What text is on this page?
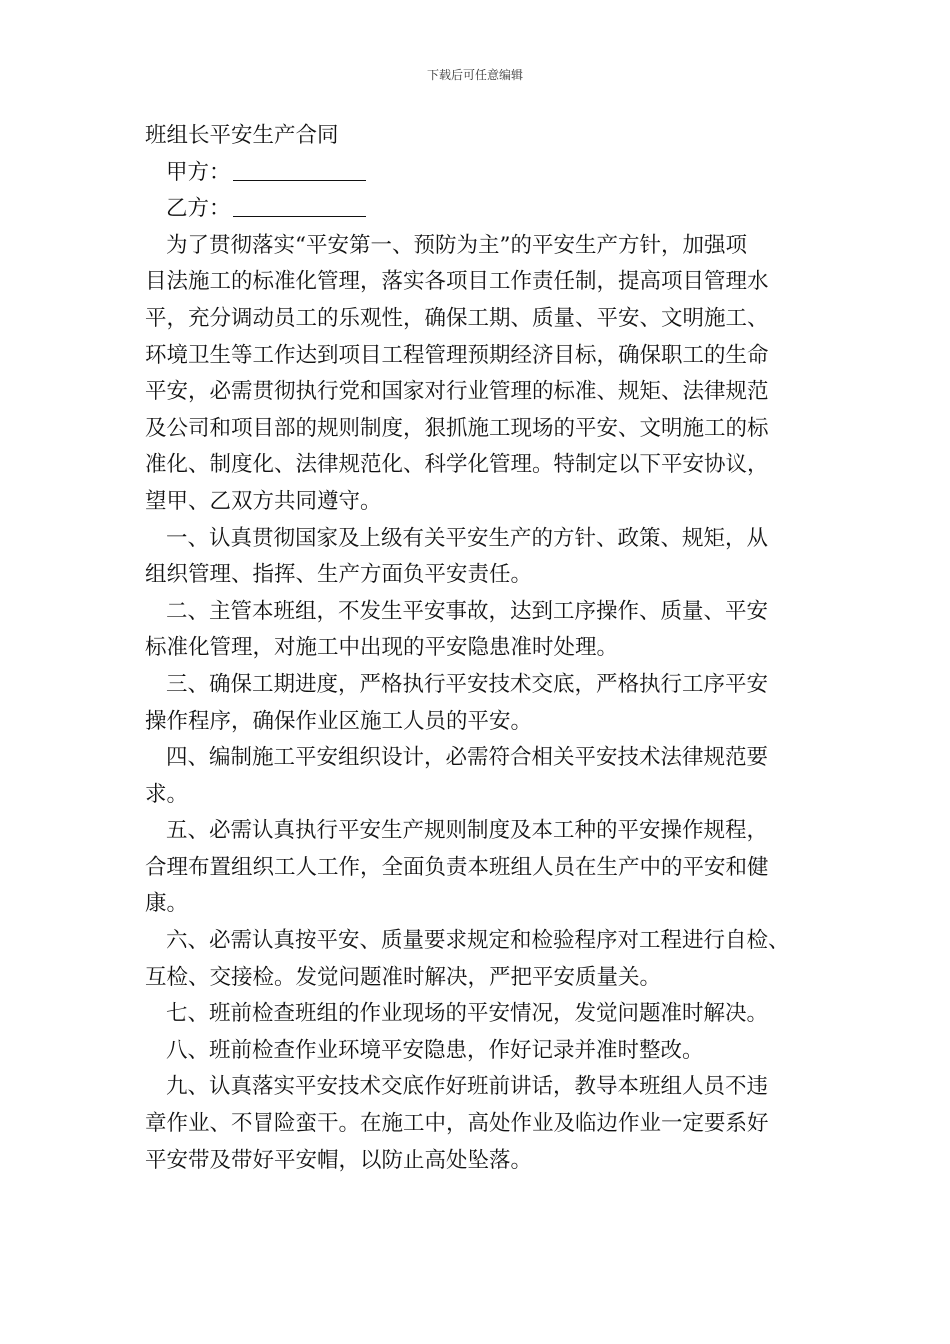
下载后可任意编辑
班组长平安生产合同
甲方：
乙方：
为了贯彻落实“平安第一、预防为主”的平安生产方针，加强项
目法施工的标准化管理，落实各项目工作责任制，提高项目管理水
平，充分调动员工的乐观性，确保工期、质量、平安、文明施工、
环境卫生等工作达到项目工程管理预期经济目标，确保职工的生命
平安，必需贯彻执行党和国家对行业管理的标准、规矩、法律规范
及公司和项目部的规则制度，狠抓施工现场的平安、文明施工的标
准化、制度化、法律规范化、科学化管理。特制定以下平安协议，
望甲、乙双方共同遵守。
一、认真贯彻国家及上级有关平安生产的方针、政策、规矩，从
组织管理、指挥、生产方面负平安责任。
二、主管本班组，不发生平安事故，达到工序操作、质量、平安
标准化管理，对施工中出现的平安隐患准时处理。
三、确保工期进度，严格执行平安技术交底，严格执行工序平安
操作程序，确保作业区施工人员的平安。
四、编制施工平安组织设计，必需符合相关平安技术法律规范要
求。
五、必需认真执行平安生产规则制度及本工种的平安操作规程，
合理布置组织工人工作，全面负责本班组人员在生产中的平安和健
康。
六、必需认真按平安、质量要求规定和检验程序对工程进行自检、
互检、交接检。发觉问题准时解决，严把平安质量关。
七、班前检查班组的作业现场的平安情况，发觉问题准时解决。
八、班前检查作业环境平安隐患，作好记录并准时整改。
九、认真落实平安技术交底作好班前讲话，教导本班组人员不违
章作业、不冒险蛮干。在施工中，高处作业及临边作业一定要系好
平安带及带好平安帽，以防止高处坠落。
